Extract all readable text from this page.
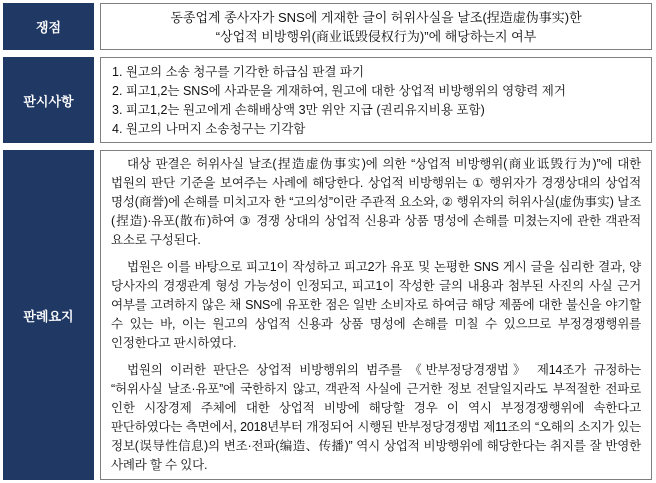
쟁점
동종업계 종사자가 SNS에 게재한 글이 허위사실을 날조(捏造虚伪事实)한
“상업적 비방행위(商业诋毁侵权行为)”에 해당하는지 여부
판시사항
1. 원고의 소송 청구를 기각한 하급심 판결 파기
2. 피고1,2는 SNS에 사과문을 게재하여, 원고에 대한 상업적 비방행위의 영향력 제거
3. 피고1,2는 원고에게 손해배상액 3만 위안 지급 (권리유지비용 포함)
4. 원고의 나머지 소송청구는 기각함
판례요지

대상 판결은 허위사실 날조(捏造虚伪事实)에 의한 “상업적 비방행위(商业诋毁行为)”에 대한 법원의 판단 기준을 보여주는 사례에 해당한다. 상업적 비방행위는 ① 행위자가 경쟁상대의 상업적 명성(商誉)에 손해를 미치고자 한 “고의성”이란 주관적 요소와, ② 행위자의 허위사실(虚伪事实) 날조(捏造)·유포(散布)하여 ③ 경쟁 상대의 상업적 신용과 상품 명성에 손해를 미쳤는지에 관한 객관적 요소로 구성된다.

법원은 이를 바탕으로 피고1이 작성하고 피고2가 유포 및 논평한 SNS 게시 글을 심리한 결과, 양 당사자의 경쟁관계 형성 가능성이 인정되고, 피고1이 작성한 글의 내용과 첨부된 사진의 사실 근거 여부를 고려하지 않은 채 SNS에 유포한 점은 일반 소비자로 하여금 해당 제품에 대한 불신을 야기할 수 있는 바, 이는 원고의 상업적 신용과 상품 명성에 손해를 미칠 수 있으므로 부정경쟁행위를 인정한다고 판시하였다.

법원의 이러한 판단은 상업적 비방행위의 범주를 《반부정당경쟁법》 제14조가 규정하는 “허위사실 날조·유포”에 국한하지 않고, 객관적 사실에 근거한 정보 전달일지라도 부적절한 전파로 인한 시장경제 주체에 대한 상업적 비방에 해당할 경우 이 역시 부정경쟁행위에 속한다고 판단하였다는 측면에서, 2018년부터 개정되어 시행된 반부정당경쟁법 제11조의 “오해의 소지가 있는 정보(误导性信息)의 변조·전파(编造、传播)” 역시 상업적 비방행위에 해당한다는 취지를 잘 반영한 사례라 할 수 있다.
